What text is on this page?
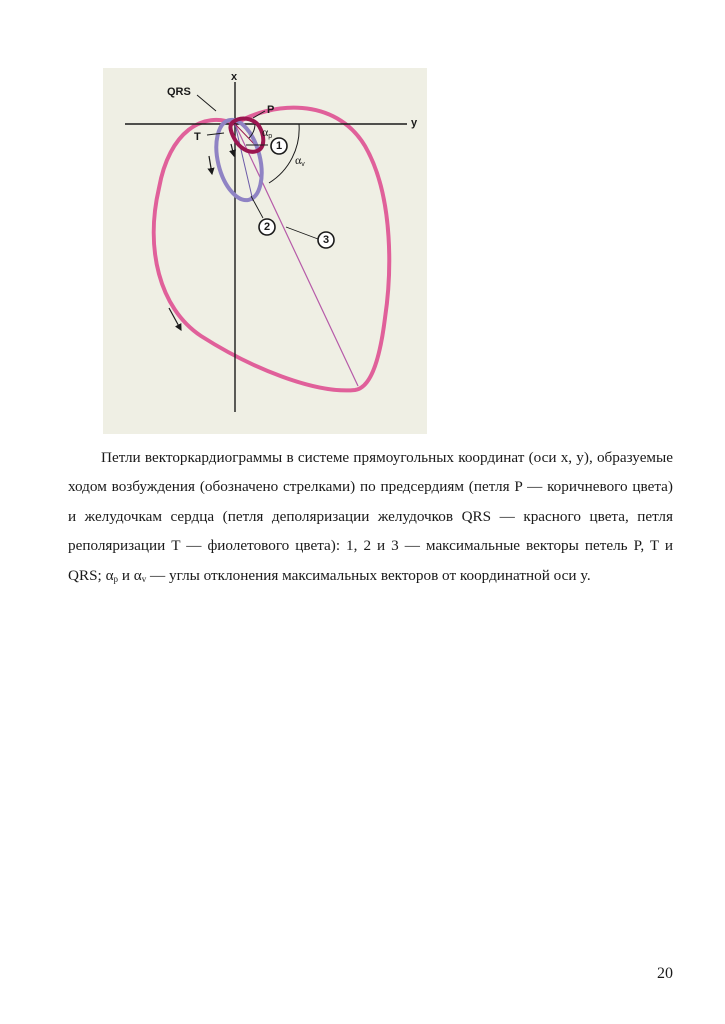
x
y
QRS
P
T	αp
αv
1
2
3

Петли векторкардиограммы в системе прямоугольных координат (оси x, y), образуемые ходом возбуждения (обозначено стрелками) по предсердиям (петля P — коричневого цвета) и желудочкам сердца (петля деполяризации желудочков QRS — красного цвета, петля реполяризации T — фиолетового цвета): 1, 2 и 3 — максимальные векторы петель P, T и QRS; $\alpha_p$ и $\alpha_v$ — углы отклонения максимальных векторов от координатной оси y.

20
